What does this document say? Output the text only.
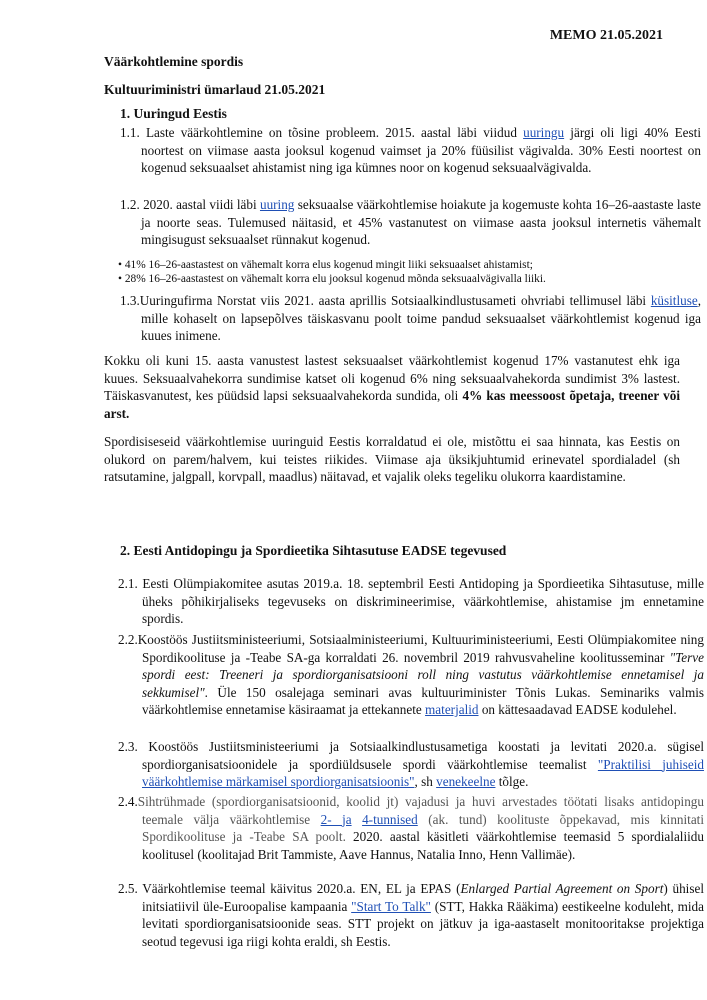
MEMO 21.05.2021
Väärkohtlemine spordis
Kultuuriministri ümarlaud 21.05.2021
1. Uuringud Eestis

1.1. Laste väärkohtlemine on tõsine probleem. 2015. aastal läbi viidud uuringu järgi oli ligi 40% Eesti noortest on viimase aasta jooksul kogenud vaimset ja 20% füüsilist vägivalda. 30% Eesti noortest on kogenud seksuaalset ahistamist ning iga kümnes noor on kogenud seksuaalvägivalda.

1.2. 2020. aastal viidi läbi uuring seksuaalse väärkohtlemise hoiakute ja kogemuste kohta 16–26-aastaste laste ja noorte seas. Tulemused näitasid, et 45% vastanutest on viimase aasta jooksul internetis vähemalt mingisugust seksuaalset rünnakut kogenud.

• 41% 16–26-aastastest on vähemalt korra elus kogenud mingit liiki seksuaalset ahistamist;
• 28% 16–26-aastastest on vähemalt korra elu jooksul kogenud mõnda seksuaalvägivalla liiki.

1.3.Uuringufirma Norstat viis 2021. aasta aprillis Sotsiaalkindlustusameti ohvriabi tellimusel läbi küsitluse, mille kohaselt on lapsepõlves täiskasvanu poolt toime pandud seksuaalset väärkohtlemist kogenud iga kuues inimene.

Kokku oli kuni 15. aasta vanustest lastest seksuaalset väärkohtlemist kogenud 17% vastanutest ehk iga kuues. Seksuaalvahekorra sundimise katset oli kogenud 6% ning seksuaalvahekorda sundimist 3% lastest. Täiskasvanutest, kes püüdsid lapsi seksuaalvahekorda sundida, oli 4% kas meessoost õpetaja, treener või arst.

Spordisiseseid väärkohtlemise uuringuid Eestis korraldatud ei ole, mistõttu ei saa hinnata, kas Eestis on olukord on parem/halvem, kui teistes riikides. Viimase aja üksikjuhtumid erinevatel spordialadel (sh ratsutamine, jalgpall, korvpall, maadlus) näitavad, et vajalik oleks tegeliku olukorra kaardistamine.

2. Eesti Antidopingu ja Spordieetika Sihtasutuse EADSE tegevused

2.1. Eesti Olümpiakomitee asutas 2019.a. 18. septembril Eesti Antidoping ja Spordieetika Sihtasutuse, mille üheks põhikirjaliseks tegevuseks on diskrimineerimise, väärkohtlemise, ahistamise jm ennetamine spordis.

2.2.Koostöös Justiitsministeeriumi, Sotsiaalministeeriumi, Kultuuriministeeriumi, Eesti Olümpiakomitee ning Spordikoolituse ja -Teabe SA-ga korraldati 26. novembril 2019 rahvusvaheline koolitusseminar "Terve spordi eest: Treeneri ja spordiorganisatsiooni roll ning vastutus väärkohtlemise ennetamisel ja sekkumisel". Üle 150 osalejaga seminari avas kultuuriminister Tõnis Lukas. Seminariks valmis väärkohtlemise ennetamise käsiraamat ja ettekannete materjalid on kättesaadavad EADSE kodulehel.

2.3. Koostöös Justiitsministeeriumi ja Sotsiaalkindlustusametiga koostati ja levitati 2020.a. sügisel spordiorganisatsioonidele ja spordiüldsusele spordi väärkohtlemise teemalist "Praktilisi juhiseid väärkohtlemise märkamisel spordiorganisatsioonis", sh venekeelne tõlge.

2.4.Sihtrühmade (spordiorganisatsioonid, koolid jt) vajadusi ja huvi arvestades töötati lisaks antidopingu teemale välja väärkohtlemise 2- ja 4-tunnised (ak. tund) koolituste õppekavad, mis kinnitati Spordikoolituse ja -Teabe SA poolt. 2020. aastal käsitleti väärkohtlemise teemasid 5 spordialaliidu koolitusel (koolitajad Brit Tammiste, Aave Hannus, Natalia Inno, Henn Vallimäe).

2.5. Väärkohtlemise teemal käivitus 2020.a. EN, EL ja EPAS (Enlarged Partial Agreement on Sport) ühisel initsiatiivil üle-Euroopalise kampaania "Start To Talk" (STT, Hakka Rääkima) eestikeelne koduleht, mida levitati spordiorganisatsioonide seas. STT projekt on jätkuv ja iga-aastaselt monitooritakse projektiga seotud tegevusi iga riigi kohta eraldi, sh Eestis.
